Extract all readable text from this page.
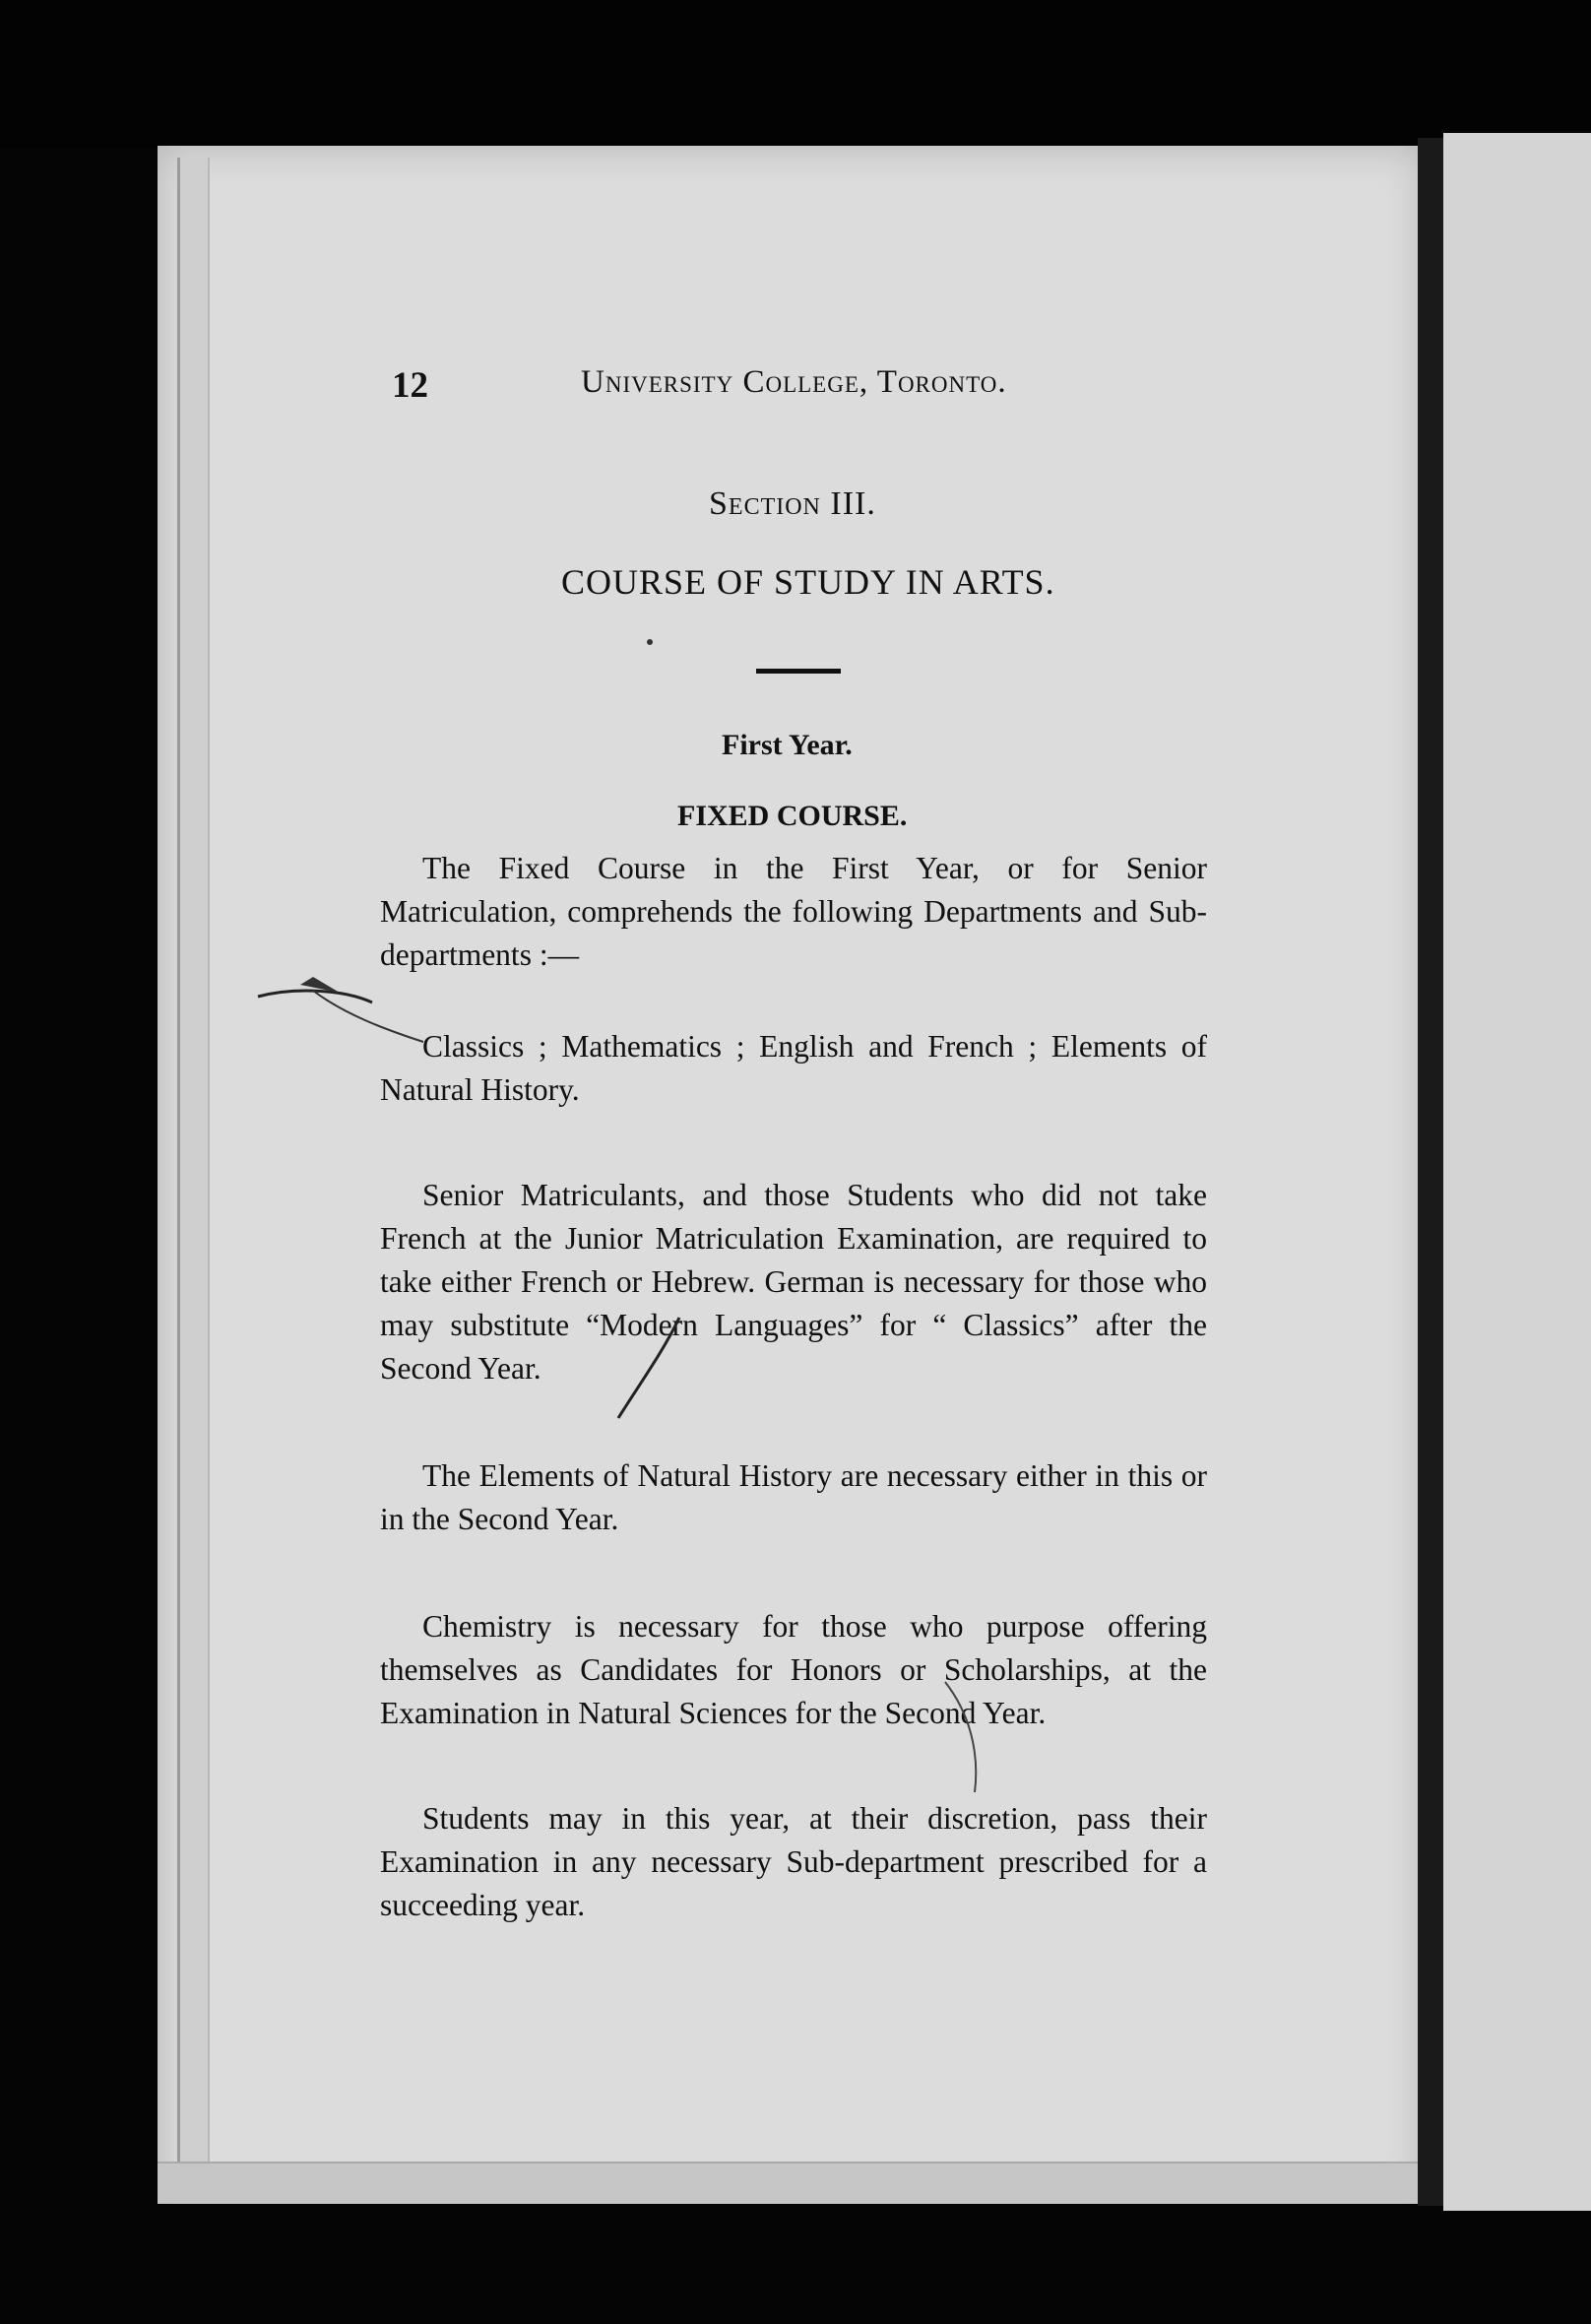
12	University College, Toronto.
Section III.
COURSE OF STUDY IN ARTS.
First Year.
FIXED COURSE.
The Fixed Course in the First Year, or for Senior Matriculation, comprehends the following Departments and Sub-departments :—
Classics ; Mathematics ; English and French ; Elements of Natural History.
Senior Matriculants, and those Students who did not take French at the Junior Matriculation Examination, are required to take either French or Hebrew. German is necessary for those who may substitute “Modern Languages” for “ Classics” after the Second Year.
The Elements of Natural History are necessary either in this or in the Second Year.
Chemistry is necessary for those who purpose offering themselves as Candidates for Honors or Scholarships, at the Examination in Natural Sciences for the Second Year.
Students may in this year, at their discretion, pass their Examination in any necessary Sub-department prescribed for a succeeding year.
